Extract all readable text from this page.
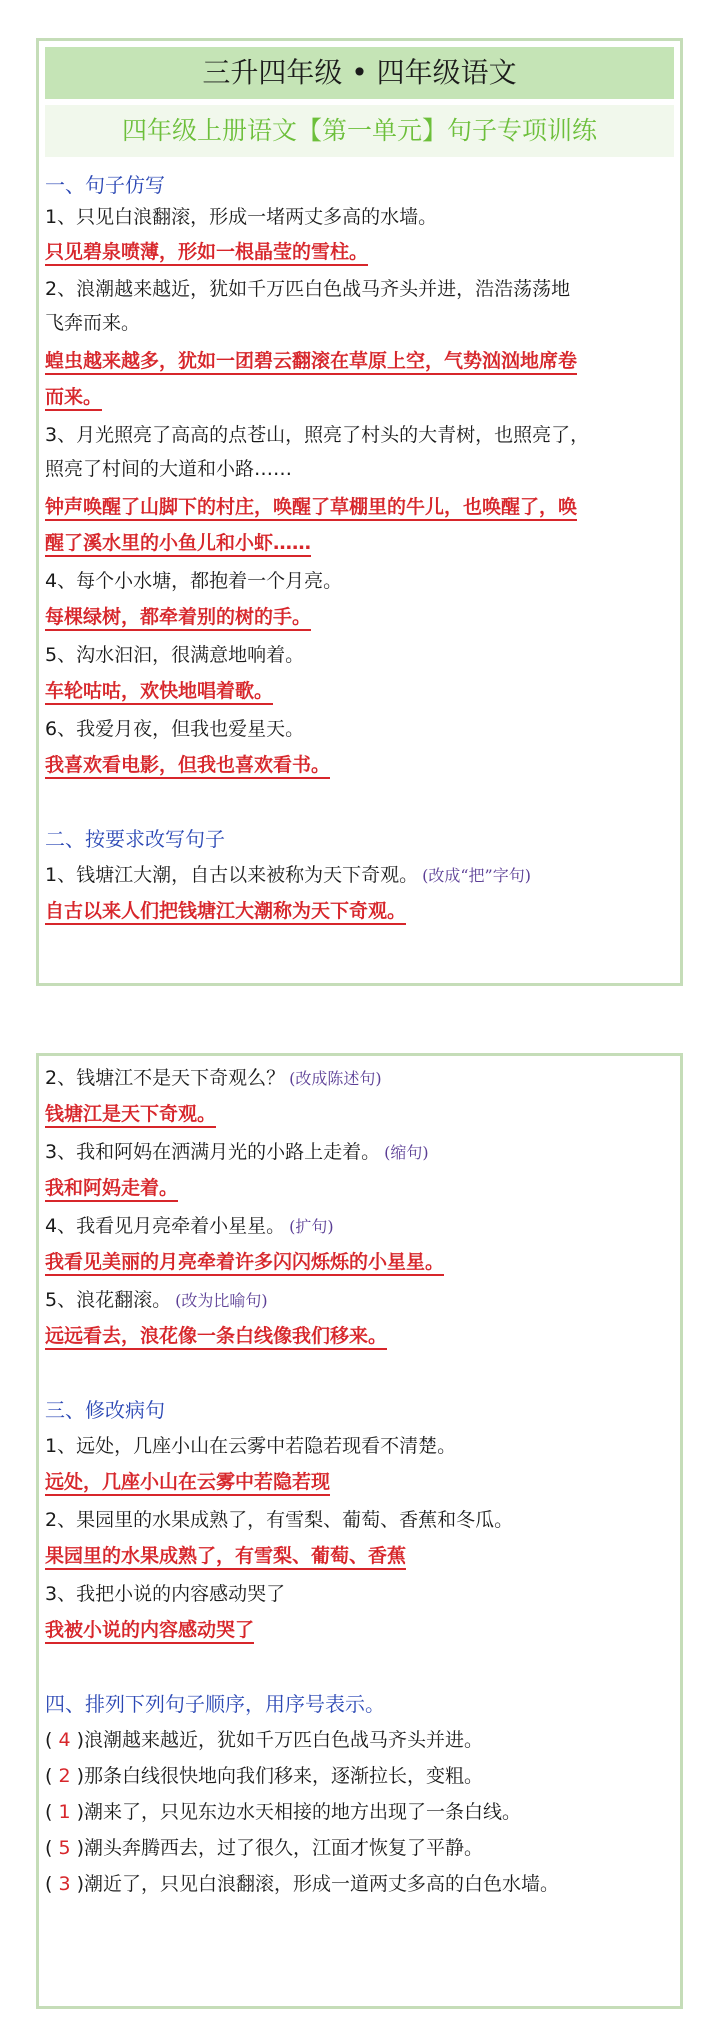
三升四年级 • 四年级语文
四年级上册语文【第一单元】句子专项训练
一、句子仿写
1、只见白浪翻滚，形成一堵两丈多高的水墙。
只见碧泉喷薄，形如一根晶莹的雪柱。
2、浪潮越来越近，犹如千万匹白色战马齐头并进，浩浩荡荡地
飞奔而来。
蝗虫越来越多，犹如一团碧云翻滚在草原上空，气势汹汹地席卷
而来。
3、月光照亮了高高的点苍山，照亮了村头的大青树，也照亮了，
照亮了村间的大道和小路……
钟声唤醒了山脚下的村庄，唤醒了草棚里的牛儿，也唤醒了，唤
醒了溪水里的小鱼儿和小虾……
4、每个小水塘，都抱着一个月亮。
每棵绿树，都牵着别的树的手。
5、沟水汩汩，很满意地响着。
车轮咕咕，欢快地唱着歌。
6、我爱月夜，但我也爱星天。
我喜欢看电影，但我也喜欢看书。
二、按要求改写句子
1、钱塘江大潮，自古以来被称为天下奇观。 (改成“把”字句)
自古以来人们把钱塘江大潮称为天下奇观。
2、钱塘江不是天下奇观么？ (改成陈述句)
钱塘江是天下奇观。
3、我和阿妈在洒满月光的小路上走着。 (缩句)
我和阿妈走着。
4、我看见月亮牵着小星星。 (扩句)
我看见美丽的月亮牵着许多闪闪烁烁的小星星。
5、浪花翻滚。 (改为比喻句)
远远看去，浪花像一条白线像我们移来。
三、修改病句
1、远处，几座小山在云雾中若隐若现看不清楚。
远处，几座小山在云雾中若隐若现
2、果园里的水果成熟了，有雪梨、葡萄、香蕉和冬瓜。
果园里的水果成熟了，有雪梨、葡萄、香蕉
3、我把小说的内容感动哭了
我被小说的内容感动哭了
四、排列下列句子顺序，用序号表示。
( 4 )浪潮越来越近，犹如千万匹白色战马齐头并进。
( 2 )那条白线很快地向我们移来，逐渐拉长，变粗。
( 1 )潮来了，只见东边水天相接的地方出现了一条白线。
( 5 )潮头奔腾西去，过了很久，江面才恢复了平静。
( 3 )潮近了，只见白浪翻滚，形成一道两丈多高的白色水墙。
